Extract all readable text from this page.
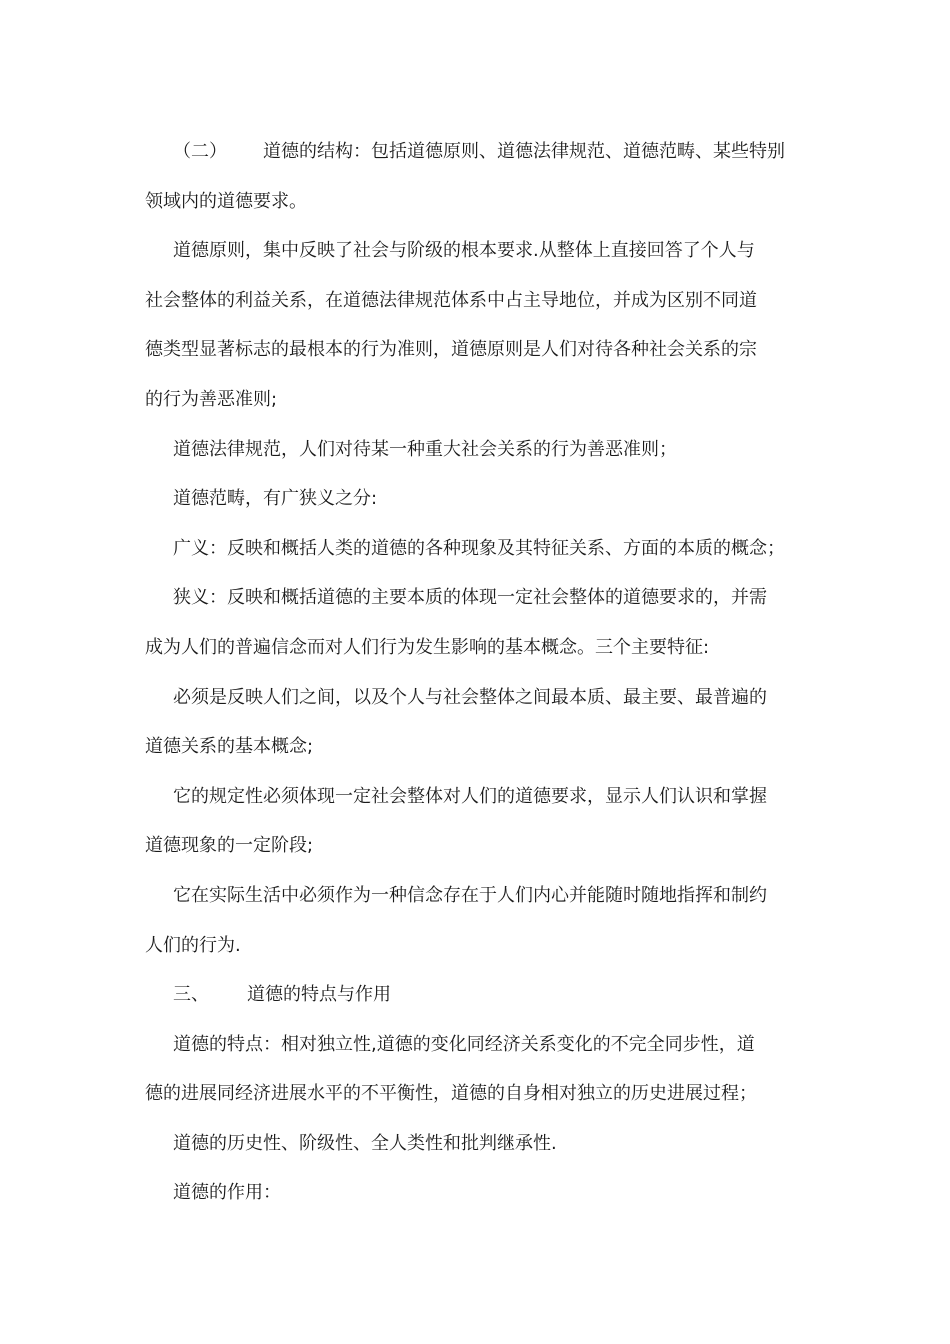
（二） 道德的结构：包括道德原则、道德法律规范、道德范畴、某些特别
领域内的道德要求。
道德原则，集中反映了社会与阶级的根本要求.从整体上直接回答了个人与
社会整体的利益关系，在道德法律规范体系中占主导地位，并成为区别不同道
德类型显著标志的最根本的行为准则，道德原则是人们对待各种社会关系的宗
的行为善恶准则;
道德法律规范，人们对待某一种重大社会关系的行为善恶准则；
道德范畴，有广狭义之分:
广义：反映和概括人类的道德的各种现象及其特征关系、方面的本质的概念；
狭义：反映和概括道德的主要本质的体现一定社会整体的道德要求的，并需
成为人们的普遍信念而对人们行为发生影响的基本概念。三个主要特征:
必须是反映人们之间，以及个人与社会整体之间最本质、最主要、最普遍的
道德关系的基本概念;
它的规定性必须体现一定社会整体对人们的道德要求，显示人们认识和掌握
道德现象的一定阶段;
它在实际生活中必须作为一种信念存在于人们内心并能随时随地指挥和制约
人们的行为.
三、 道德的特点与作用
道德的特点：相对独立性,道德的变化同经济关系变化的不完全同步性，道
德的进展同经济进展水平的不平衡性，道德的自身相对独立的历史进展过程；
道德的历史性、阶级性、全人类性和批判继承性.
道德的作用：
